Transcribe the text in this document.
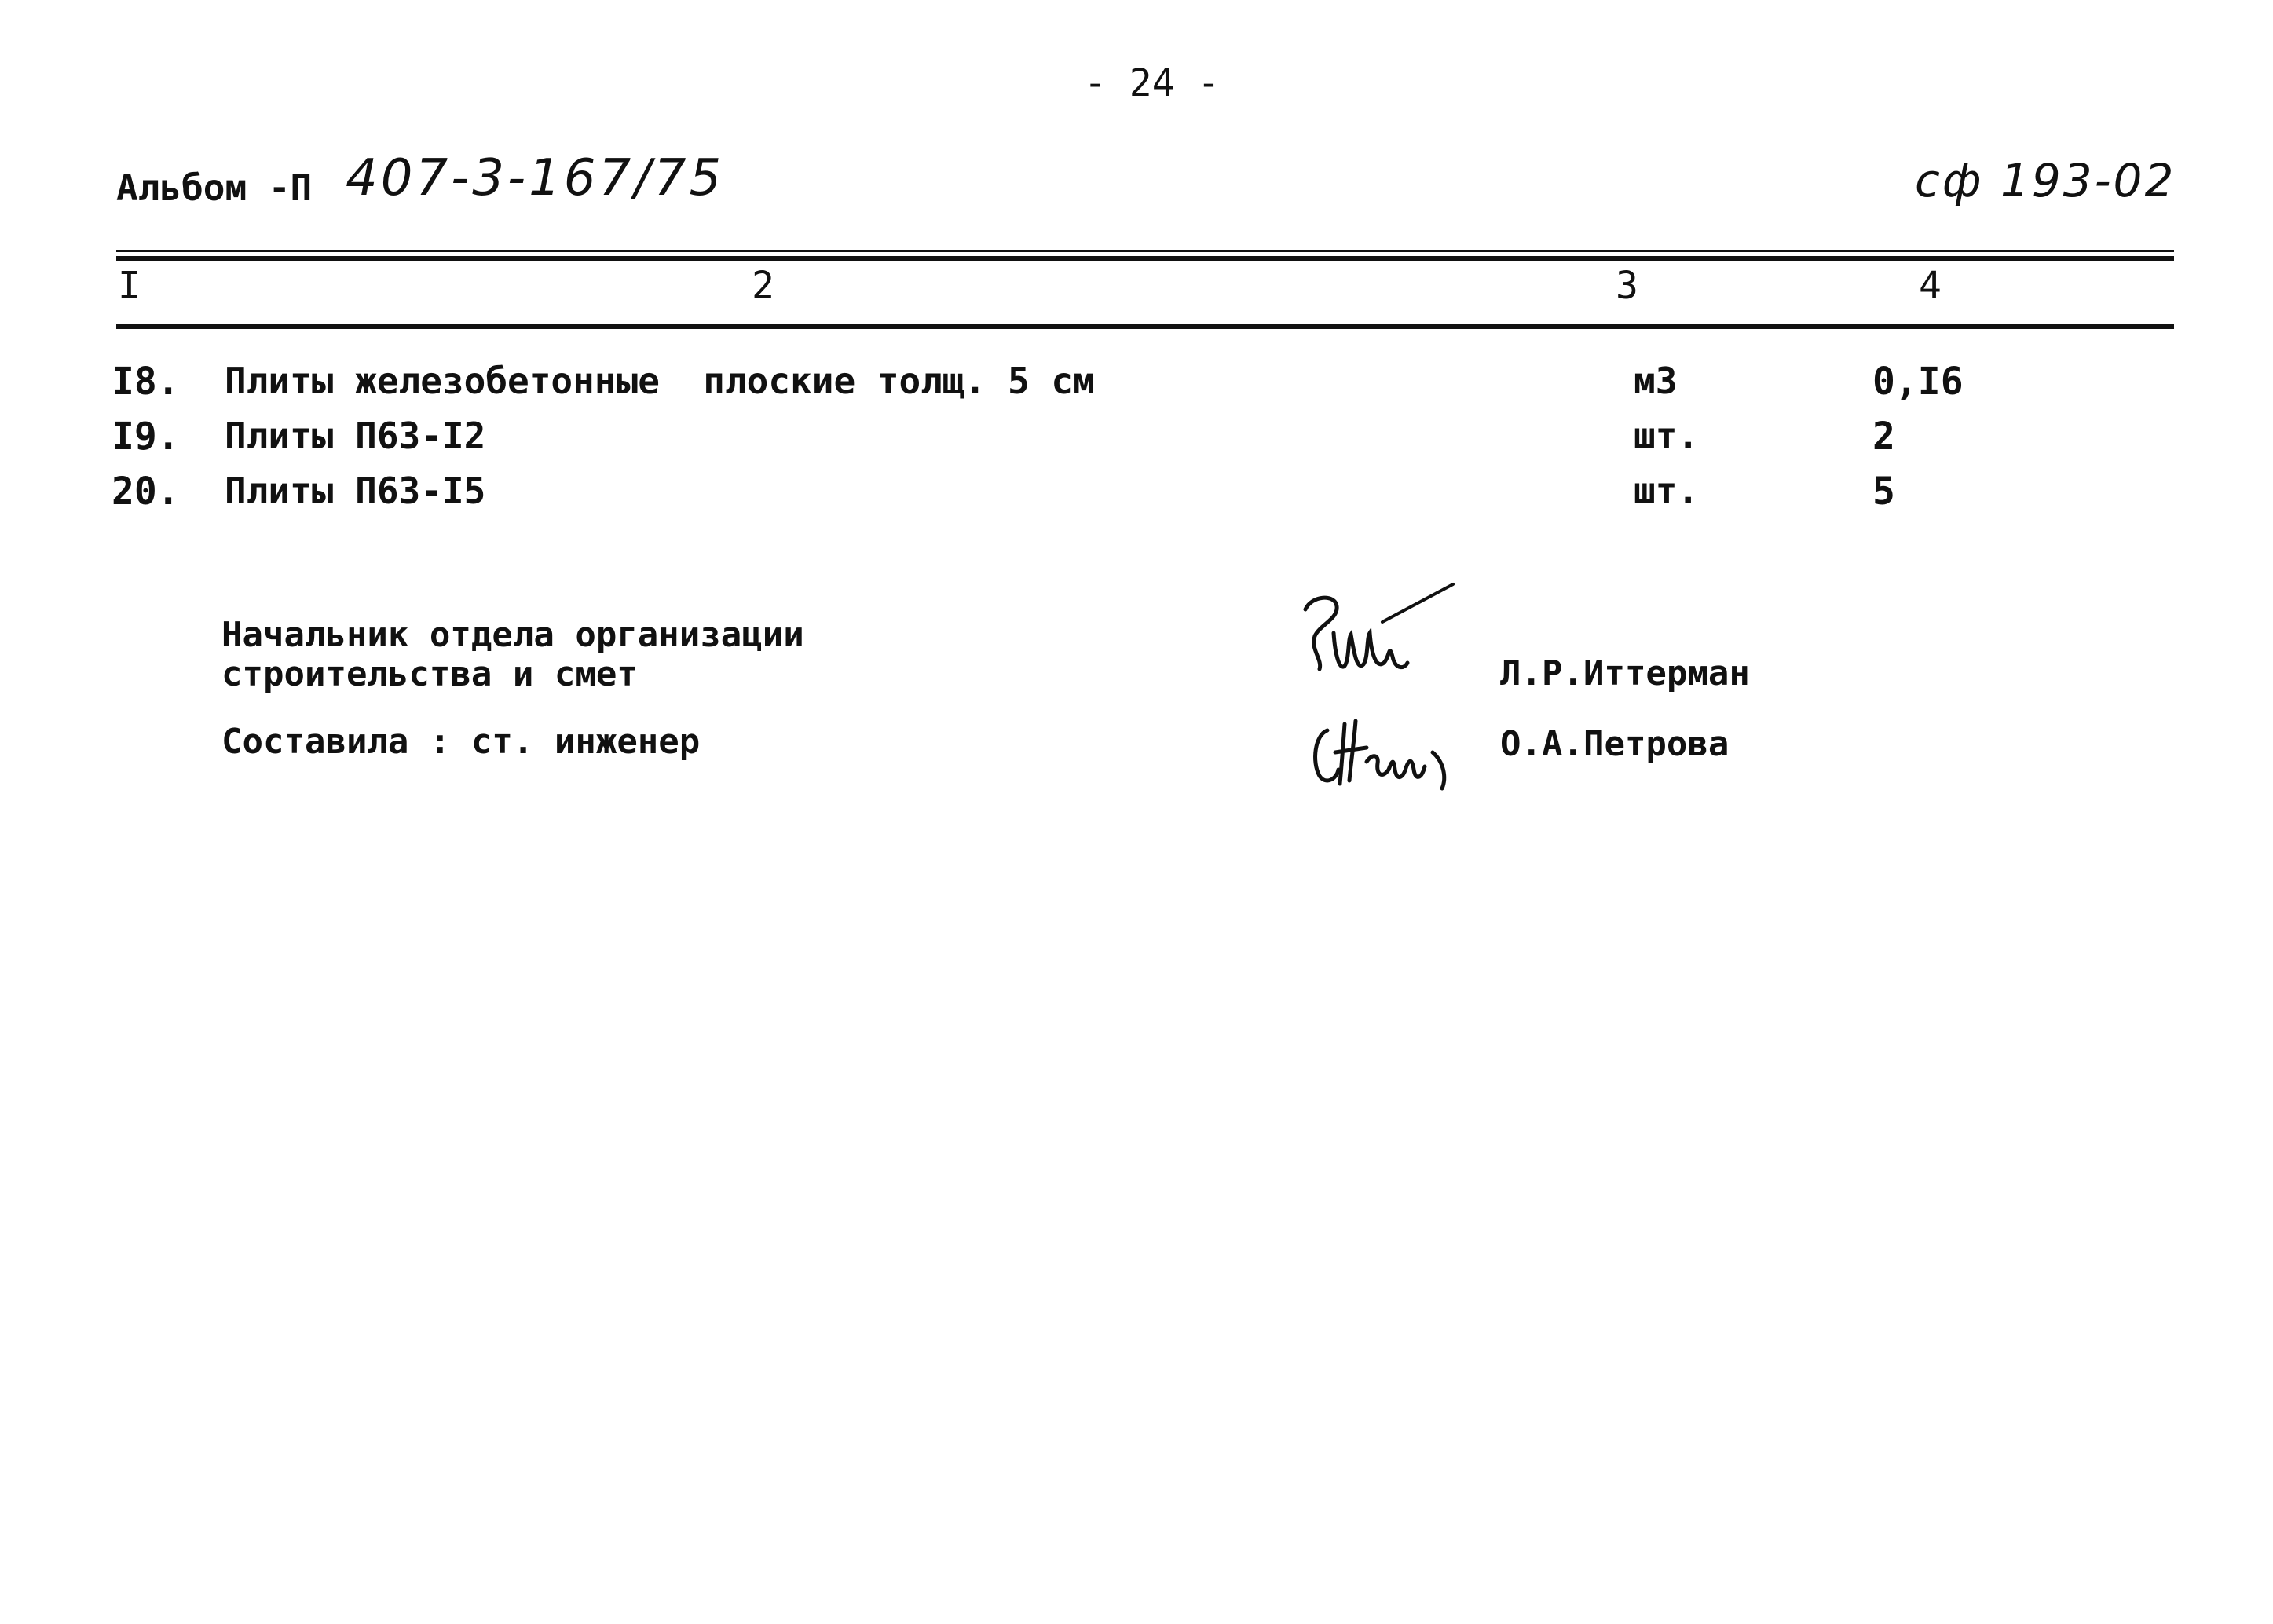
- 24 -
Альбом -П 407-3-167/75	сф 193-02
I	2	3	4
I8. Плиты железобетонные  плоские толщ. 5 см	м3	0,I6
I9. Плиты П63-I2	шт.	2
20. Плиты П63-I5	шт.	5
Начальник отдела организации
строительства и смет
Составила : ст. инженер
Л.Р.Иттерман
О.А.Петрова
